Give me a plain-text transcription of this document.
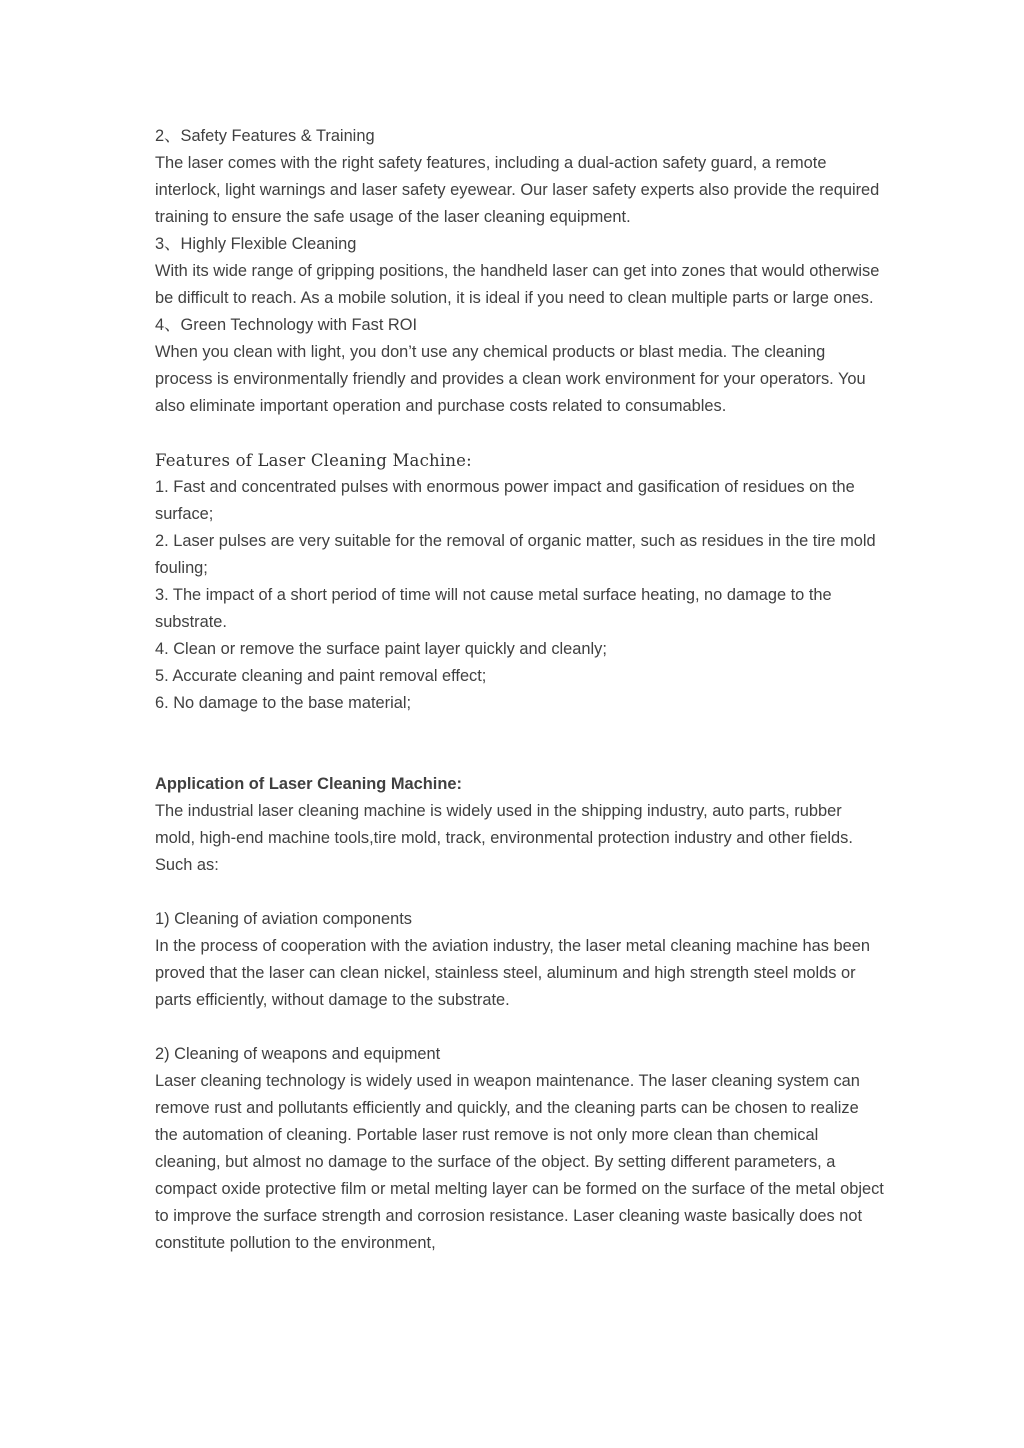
2、Safety Features & Training

The laser comes with the right safety features, including a dual-action safety guard, a remote interlock, light warnings and laser safety eyewear. Our laser safety experts also provide the required training to ensure the safe usage of the laser cleaning equipment.

3、Highly Flexible Cleaning

With its wide range of gripping positions, the handheld laser can get into zones that would otherwise be difficult to reach. As a mobile solution, it is ideal if you need to clean multiple parts or large ones.

4、Green Technology with Fast ROI

When you clean with light, you don’t use any chemical products or blast media. The cleaning process is environmentally friendly and provides a clean work environment for your operators. You also eliminate important operation and purchase costs related to consumables.

Features of Laser Cleaning Machine:

1. Fast and concentrated pulses with enormous power impact and gasification of residues on the surface;

2. Laser pulses are very suitable for the removal of organic matter, such as residues in the tire mold fouling;

3. The impact of a short period of time will not cause metal surface heating, no damage to the substrate.

4. Clean or remove the surface paint layer quickly and cleanly;

5. Accurate cleaning and paint removal effect;

6. No damage to the base material;

Application of Laser Cleaning Machine:

The industrial laser cleaning machine is widely used in the shipping industry, auto parts, rubber mold, high-end machine tools,tire mold, track, environmental protection industry and other fields. Such as:

1) Cleaning of aviation components

In the process of cooperation with the aviation industry, the laser metal cleaning machine has been proved that the laser can clean nickel, stainless steel, aluminum and high strength steel molds or parts efficiently, without damage to the substrate.

2) Cleaning of weapons and equipment

Laser cleaning technology is widely used in weapon maintenance. The laser cleaning system can remove rust and pollutants efficiently and quickly, and the cleaning parts can be chosen to realize the automation of cleaning. Portable laser rust remove is not only more clean than chemical cleaning, but almost no damage to the surface of the object. By setting different parameters, a compact oxide protective film or metal melting layer can be formed on the surface of the metal object to improve the surface strength and corrosion resistance. Laser cleaning waste basically does not constitute pollution to the environment,
